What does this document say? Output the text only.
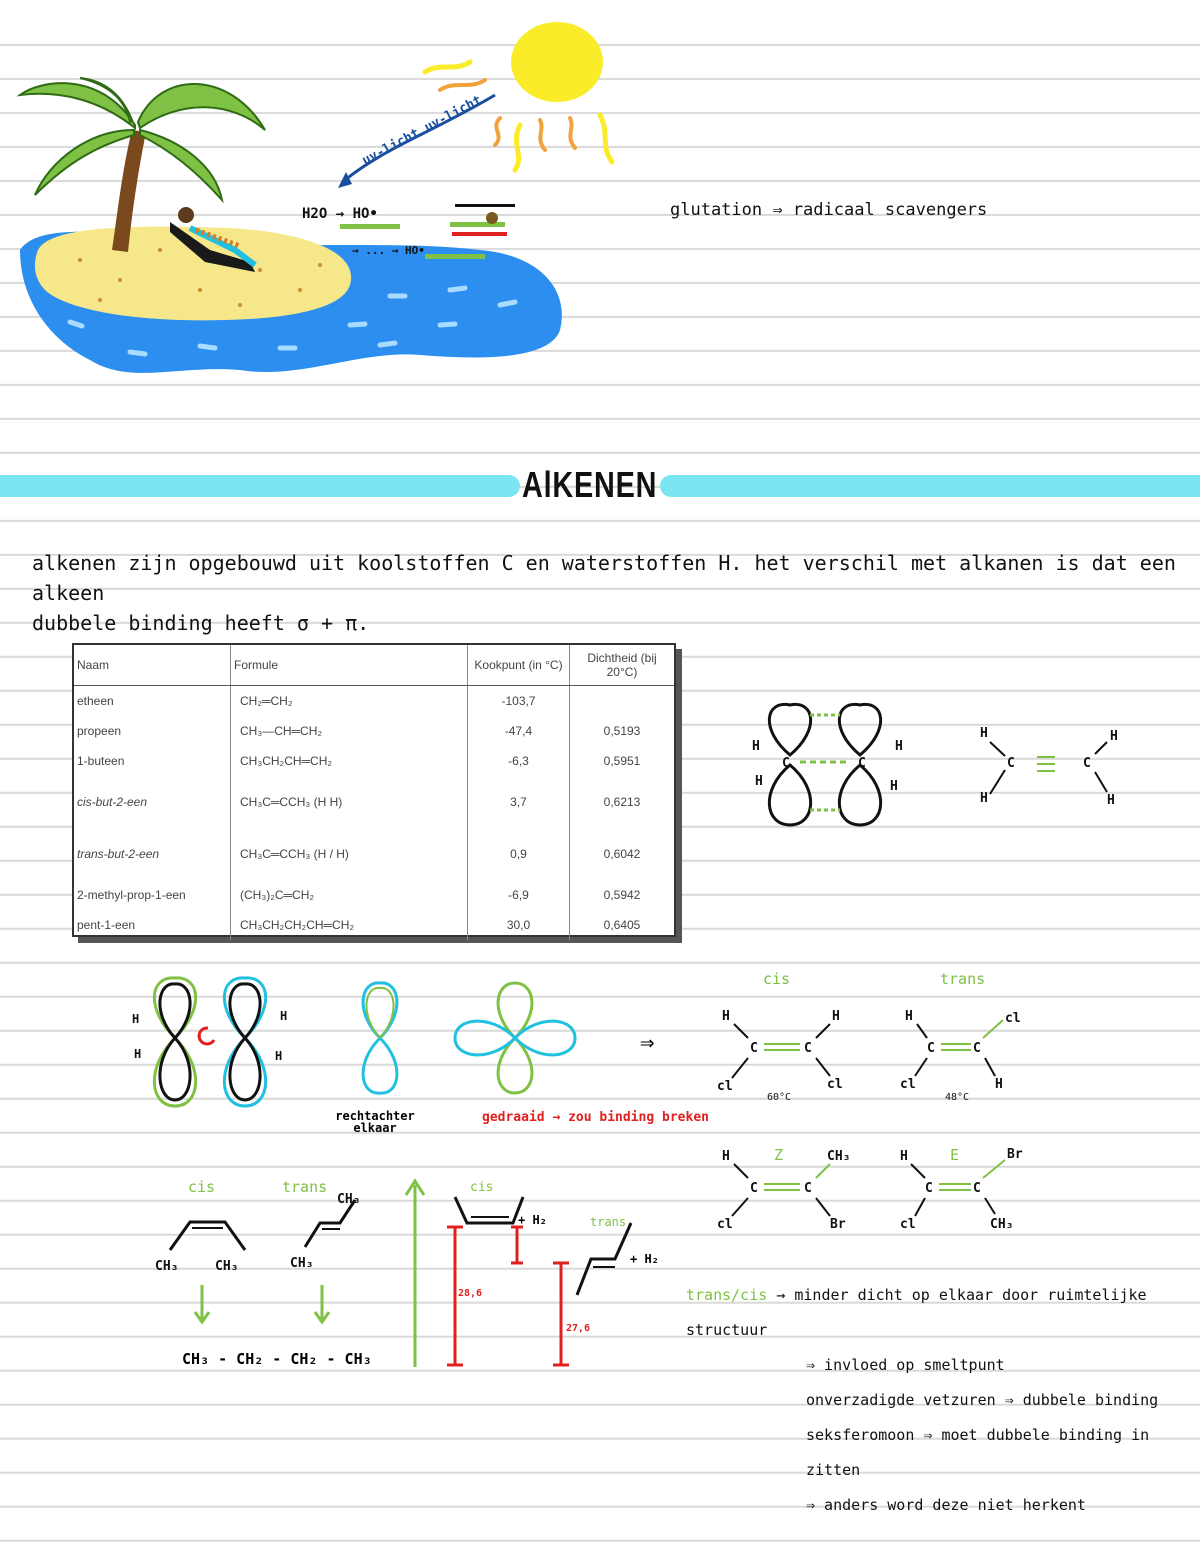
uv-licht uv-licht
H2O → HO•
→ ... → HO•
glutation ⇒ radicaal scavengers
AlKENEN
alkenen zijn opgebouwd uit koolstoffen C en waterstoffen H. het verschil met alkanen is dat een alkeen
dubbele binding heeft σ + π.
Naam	Formule	Kookpunt (in °C)	Dichtheid (bij 20°C)
etheen	CH₂═CH₂	-103,7	
propeen	CH₃—CH═CH₂	-47,4	0,5193
1-buteen	CH₃CH₂CH═CH₂	-6,3	0,5951
cis-but-2-een	CH₃C═CCH₃ (H H)	3,7	0,6213
trans-but-2-een	CH₃C═CCH₃ (H / H)	0,9	0,6042
2-methyl-prop-1-een	(CH₃)₂C═CH₂	-6,9	0,5942
pent-1-een	CH₃CH₂CH₂CH═CH₂	30,0	0,6405
H
H
H
H
C	C
H
H
C	C
H
H
H
H
H
H
rechtachter elkaar
gedraaid → zou binding breken
⇒
cis	trans
H	H
C	C
cl	cl
60°C
H	cl
C	C
cl	H
48°C
H	CH₃
C	C
cl	Br
Z	H	Br
C	C
cl	CH₃
E
cis	trans
CH₃	CH₃
CH₃
CH₃
CH₃ - CH₂ - CH₂ - CH₃
cis
trans
+ H₂
+ H₂
28,6
27,6
trans/cis → minder dicht op elkaar door ruimtelijke structuur
⇒ invloed op smeltpunt
onverzadigde vetzuren ⇒ dubbele binding
seksferomoon ⇒ moet dubbele binding in zitten
⇒ anders word deze niet herkent
